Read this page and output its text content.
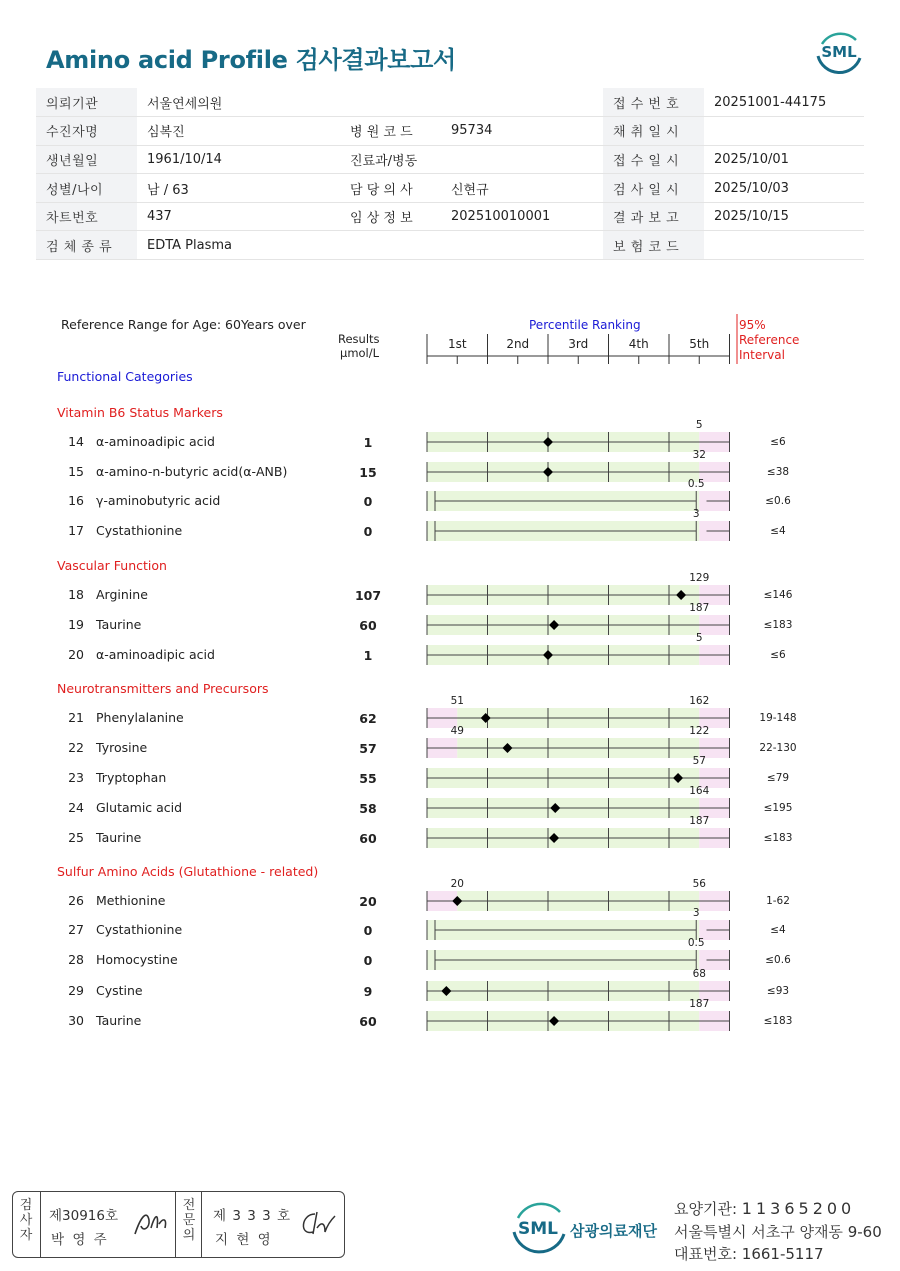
Amino acid Profile 검사결과보고서	SML
의뢰기관	서울연세의원			접 수 번 호	20251001-44175
수진자명	심복진	병 원 코 드	95734	채 취 일 시	
생년월일	1961/10/14	진료과/병동		접 수 일 시	2025/10/01
성별/나이	남 / 63	담 당 의 사	신현규	검 사 일 시	2025/10/03
차트번호	437	임 상 정 보	202510010001	결 과 보 고	2025/10/15
검 체 종 류	EDTA Plasma			보 험 코 드	
Reference Range for Age: 60Years over
Results
μmol/L
Percentile Ranking	95%
Reference
Interval
Functional Categories
Vitamin B6 Status Markers
14 α-aminoadipic acid	1	≤6
15 α-amino-n-butyric acid(α-ANB)	15	≤38
16 γ-aminobutyric acid	0	≤0.6
17 Cystathionine	0	≤4
Vascular Function
18 Arginine	107	≤146
19 Taurine	60	≤183
20 α-aminoadipic acid	1	≤6
Neurotransmitters and Precursors
21 Phenylalanine	62	19-148
22 Tyrosine	57	22-130
23 Tryptophan	55	≤79
24 Glutamic acid	58	≤195
25 Taurine	60	≤183
Sulfur Amino Acids (Glutathione - related)
26 Methionine	20	1-62
27 Cystathionine	0	≤4
28 Homocystine	0	≤0.6
29 Cystine	9	≤93
30 Taurine	60	≤183
1st	2nd	3rd	4th	5th
5
32
0.5
3
129
187
5
162
51
122
49
57
164
187
56
20
3
0.5
68
187
검사자
제30916호
박 영 주
전문의
제 3 3 3 호
지 현 영
SML 삼광의료재단
요양기관: 11365200
서울특별시 서초구 양재동 9-60
대표번호: 1661-5117
